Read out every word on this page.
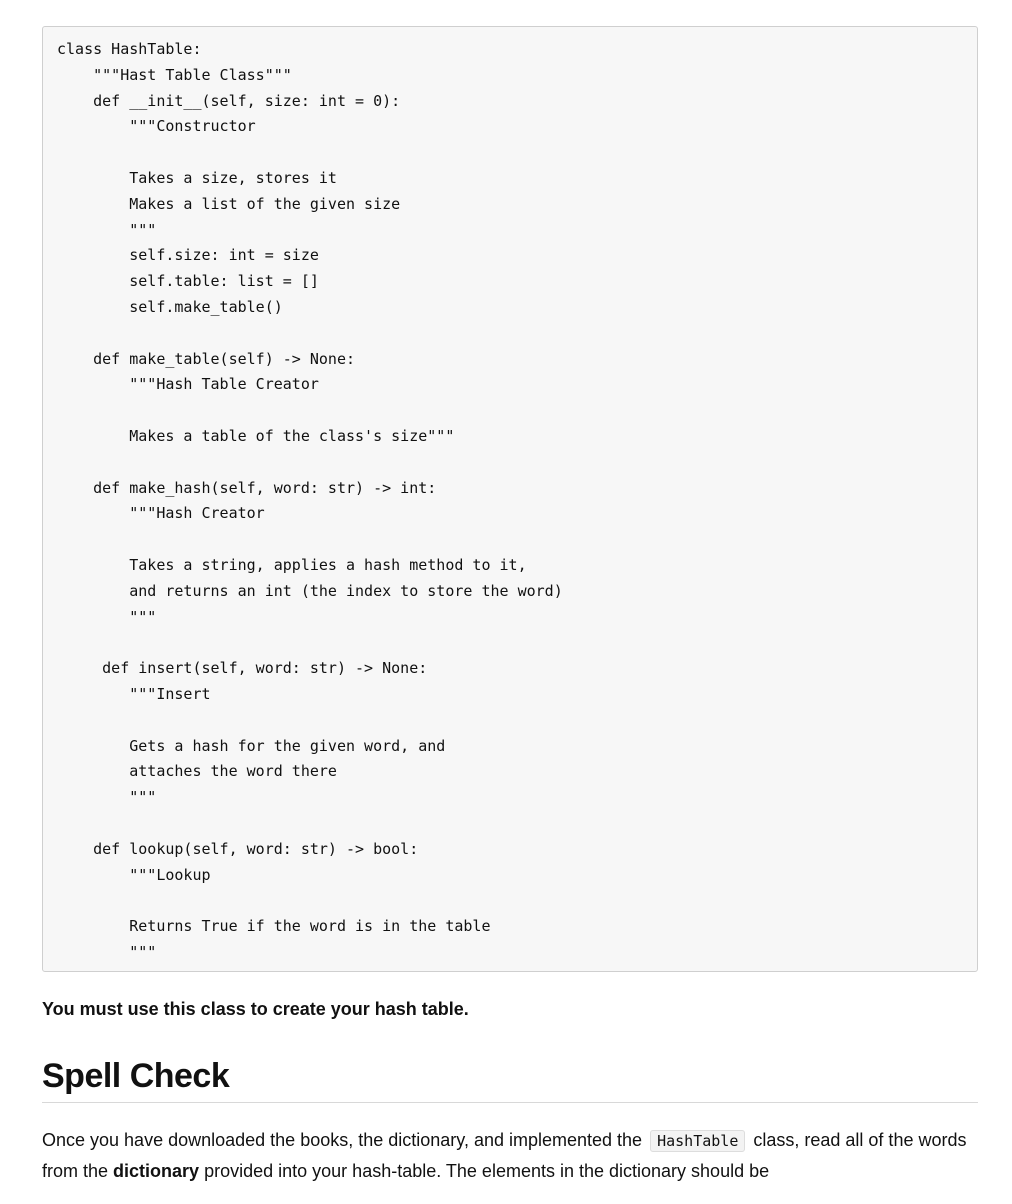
class HashTable:
"""Hast Table Class"""
def __init__(self, size: int = 0):
"""Constructor

Takes a size, stores it
Makes a list of the given size
"""
self.size: int = size
self.table: list = []
self.make_table()

def make_table(self) -> None:
"""Hash Table Creator

Makes a table of the class's size"""

def make_hash(self, word: str) -> int:
"""Hash Creator

Takes a string, applies a hash method to it,
and returns an int (the index to store the word)
"""

def insert(self, word: str) -> None:
"""Insert

Gets a hash for the given word, and
attaches the word there
"""

def lookup(self, word: str) -> bool:
"""Lookup

Returns True if the word is in the table
"""

You must use this class to create your hash table.

Spell Check

Once you have downloaded the books, the dictionary, and implemented the HashTable class, read all of the words from the dictionary provided into your hash-table. The elements in the dictionary should be
